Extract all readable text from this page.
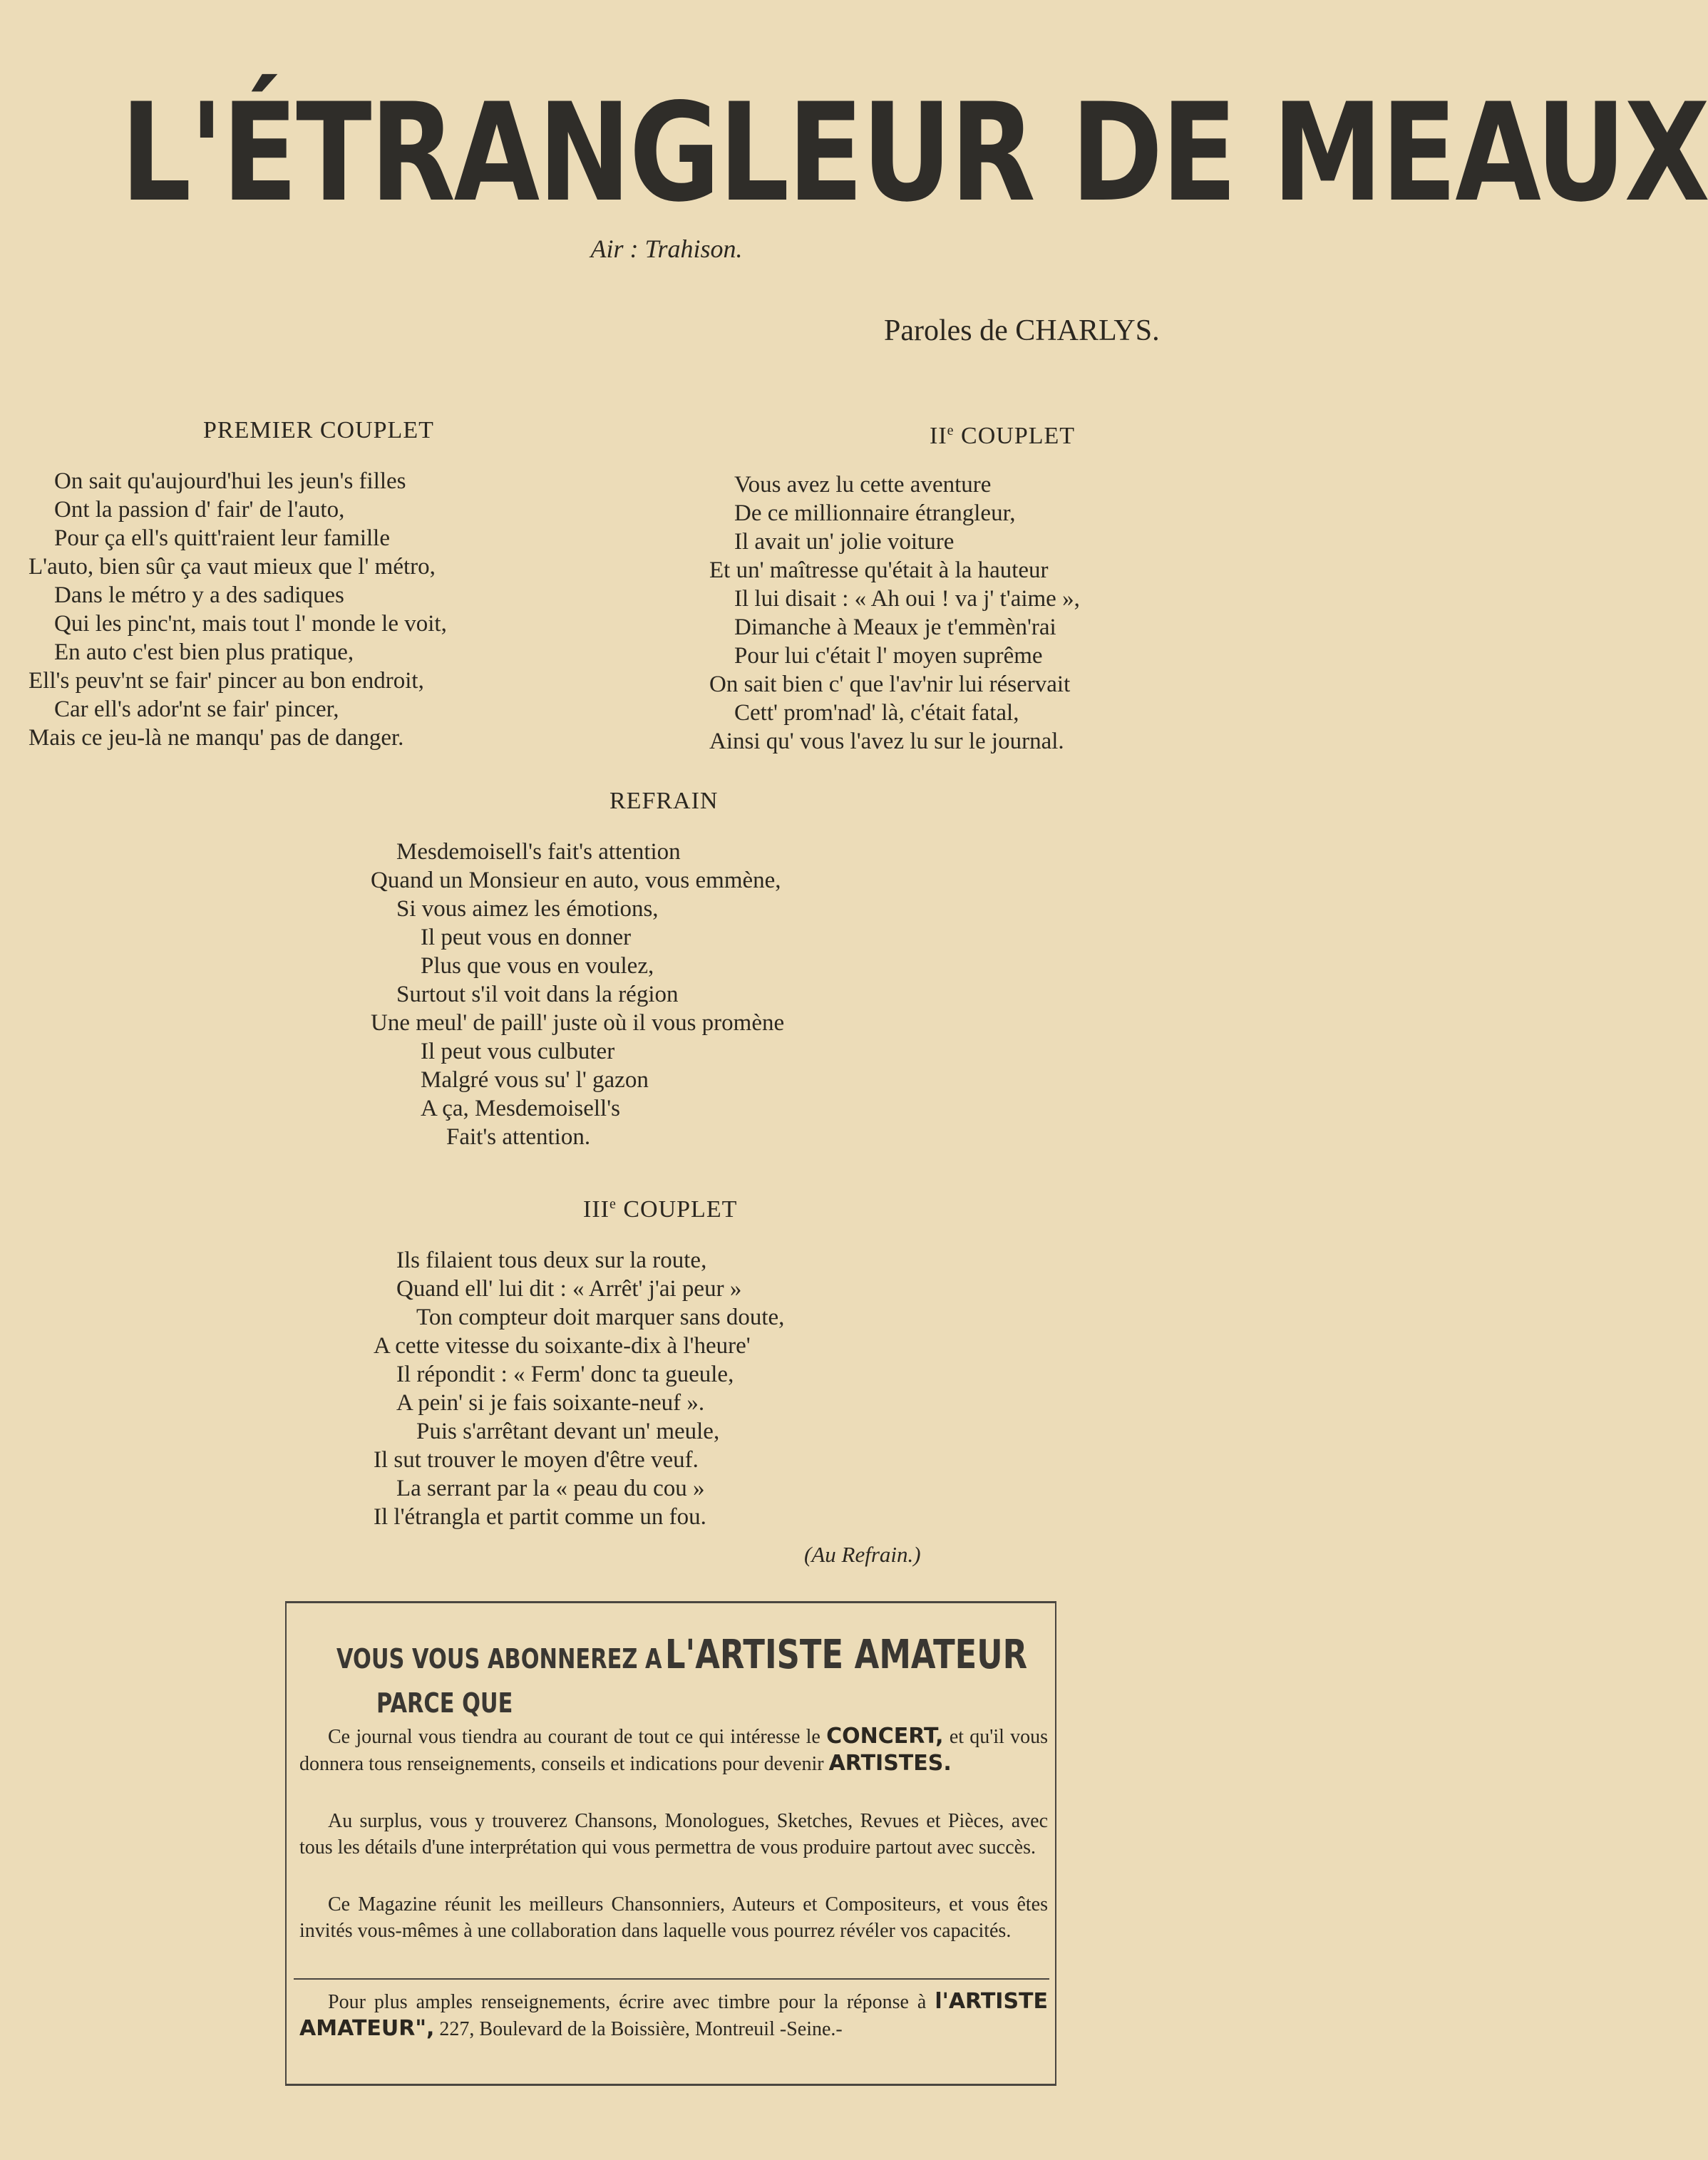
L'ÉTRANGLEUR DE MEAUX
Air : Trahison.
Paroles de CHARLYS.
PREMIER COUPLET
On sait qu'aujourd'hui les jeun's filles
Ont la passion d' fair' de l'auto,
Pour ça ell's quitt'raient leur famille
L'auto, bien sûr ça vaut mieux que l' métro,
Dans le métro y a des sadiques
Qui les pinc'nt, mais tout l' monde le voit,
En auto c'est bien plus pratique,
Ell's peuv'nt se fair' pincer au bon endroit,
Car ell's ador'nt se fair' pincer,
Mais ce jeu-là ne manqu' pas de danger.
IIe COUPLET
Vous avez lu cette aventure
De ce millionnaire étrangleur,
Il avait un' jolie voiture
Et un' maîtresse qu'était à la hauteur
Il lui disait : « Ah oui ! va j' t'aime »,
Dimanche à Meaux je t'emmèn'rai
Pour lui c'était l' moyen suprême
On sait bien c' que l'av'nir lui réservait
Cett' prom'nad' là, c'était fatal,
Ainsi qu' vous l'avez lu sur le journal.
REFRAIN
Mesdemoisell's fait's attention
Quand un Monsieur en auto, vous emmène,
Si vous aimez les émotions,
Il peut vous en donner
Plus que vous en voulez,
Surtout s'il voit dans la région
Une meul' de paill' juste où il vous promène
Il peut vous culbuter
Malgré vous su' l' gazon
A ça, Mesdemoisell's
Fait's attention.
IIIe COUPLET
Ils filaient tous deux sur la route,
Quand ell' lui dit : « Arrêt' j'ai peur »
Ton compteur doit marquer sans doute,
A cette vitesse du soixante-dix à l'heure'
Il répondit : « Ferm' donc ta gueule,
A pein' si je fais soixante-neuf ».
Puis s'arrêtant devant un' meule,
Il sut trouver le moyen d'être veuf.
La serrant par la « peau du cou »
Il l'étrangla et partit comme un fou.
(Au Refrain.)
VOUS VOUS ABONNEREZ A L'ARTISTE AMATEUR
PARCE QUE
Ce journal vous tiendra au courant de tout ce qui intéresse le CONCERT, et qu'il vous donnera tous renseignements, conseils et indications pour devenir ARTISTES.
Au surplus, vous y trouverez Chansons, Monologues, Sketches, Revues et Pièces, avec tous les détails d'une interprétation qui vous permettra de vous produire partout avec succès.
Ce Magazine réunit les meilleurs Chansonniers, Auteurs et Compositeurs, et vous êtes invités vous-mêmes à une collaboration dans laquelle vous pourrez révéler vos capacités.
Pour plus amples renseignements, écrire avec timbre pour la réponse à l'ARTISTE AMATEUR", 227, Boulevard de la Boissière, Montreuil -Seine.-
